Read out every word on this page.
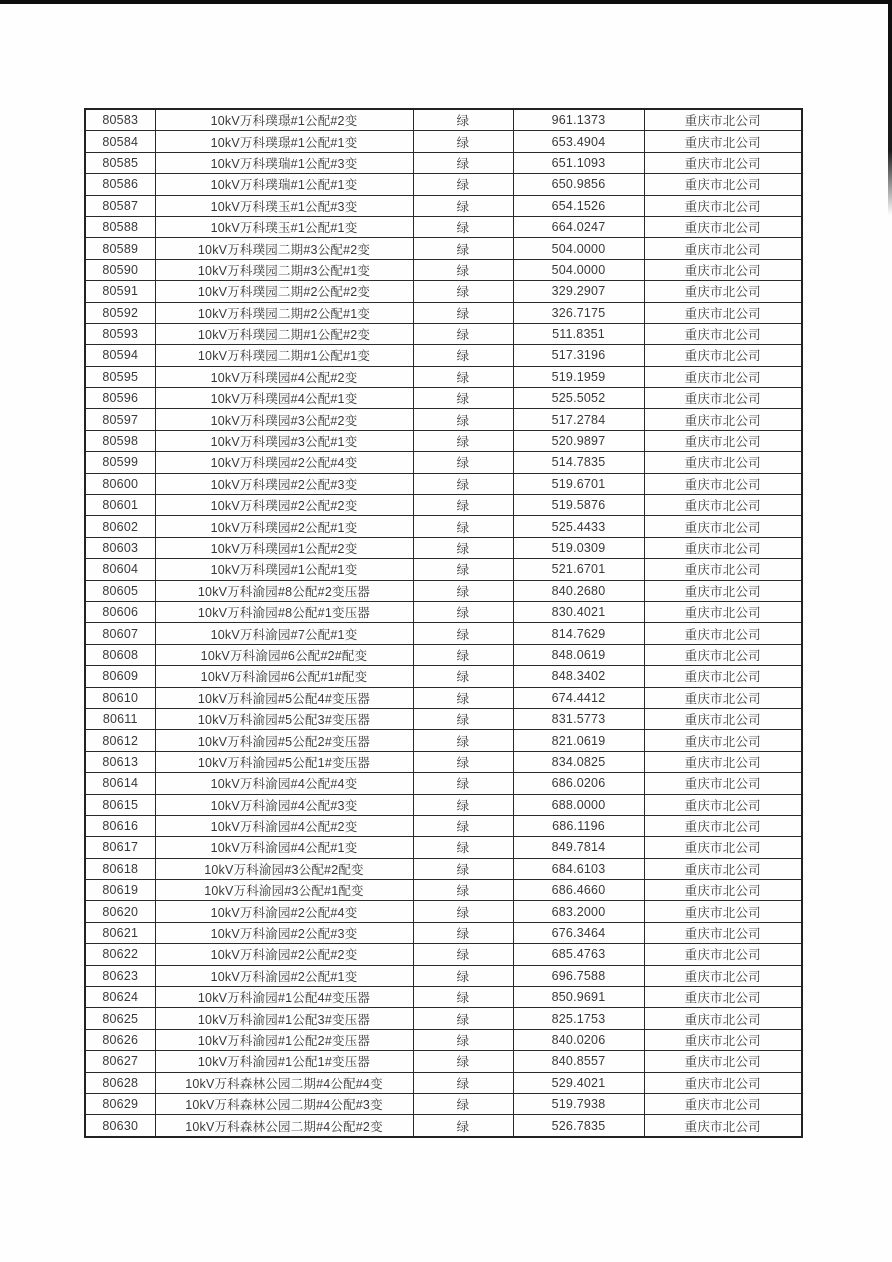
80583	10kV万科璞璟#1公配#2变	绿	961.1373	重庆市北公司
80584	10kV万科璞璟#1公配#1变	绿	653.4904	重庆市北公司
80585	10kV万科璞瑞#1公配#3变	绿	651.1093	重庆市北公司
80586	10kV万科璞瑞#1公配#1变	绿	650.9856	重庆市北公司
80587	10kV万科璞玉#1公配#3变	绿	654.1526	重庆市北公司
80588	10kV万科璞玉#1公配#1变	绿	664.0247	重庆市北公司
80589	10kV万科璞园二期#3公配#2变	绿	504.0000	重庆市北公司
80590	10kV万科璞园二期#3公配#1变	绿	504.0000	重庆市北公司
80591	10kV万科璞园二期#2公配#2变	绿	329.2907	重庆市北公司
80592	10kV万科璞园二期#2公配#1变	绿	326.7175	重庆市北公司
80593	10kV万科璞园二期#1公配#2变	绿	511.8351	重庆市北公司
80594	10kV万科璞园二期#1公配#1变	绿	517.3196	重庆市北公司
80595	10kV万科璞园#4公配#2变	绿	519.1959	重庆市北公司
80596	10kV万科璞园#4公配#1变	绿	525.5052	重庆市北公司
80597	10kV万科璞园#3公配#2变	绿	517.2784	重庆市北公司
80598	10kV万科璞园#3公配#1变	绿	520.9897	重庆市北公司
80599	10kV万科璞园#2公配#4变	绿	514.7835	重庆市北公司
80600	10kV万科璞园#2公配#3变	绿	519.6701	重庆市北公司
80601	10kV万科璞园#2公配#2变	绿	519.5876	重庆市北公司
80602	10kV万科璞园#2公配#1变	绿	525.4433	重庆市北公司
80603	10kV万科璞园#1公配#2变	绿	519.0309	重庆市北公司
80604	10kV万科璞园#1公配#1变	绿	521.6701	重庆市北公司
80605	10kV万科渝园#8公配#2变压器	绿	840.2680	重庆市北公司
80606	10kV万科渝园#8公配#1变压器	绿	830.4021	重庆市北公司
80607	10kV万科渝园#7公配#1变	绿	814.7629	重庆市北公司
80608	10kV万科渝园#6公配#2#配变	绿	848.0619	重庆市北公司
80609	10kV万科渝园#6公配#1#配变	绿	848.3402	重庆市北公司
80610	10kV万科渝园#5公配4#变压器	绿	674.4412	重庆市北公司
80611	10kV万科渝园#5公配3#变压器	绿	831.5773	重庆市北公司
80612	10kV万科渝园#5公配2#变压器	绿	821.0619	重庆市北公司
80613	10kV万科渝园#5公配1#变压器	绿	834.0825	重庆市北公司
80614	10kV万科渝园#4公配#4变	绿	686.0206	重庆市北公司
80615	10kV万科渝园#4公配#3变	绿	688.0000	重庆市北公司
80616	10kV万科渝园#4公配#2变	绿	686.1196	重庆市北公司
80617	10kV万科渝园#4公配#1变	绿	849.7814	重庆市北公司
80618	10kV万科渝园#3公配#2配变	绿	684.6103	重庆市北公司
80619	10kV万科渝园#3公配#1配变	绿	686.4660	重庆市北公司
80620	10kV万科渝园#2公配#4变	绿	683.2000	重庆市北公司
80621	10kV万科渝园#2公配#3变	绿	676.3464	重庆市北公司
80622	10kV万科渝园#2公配#2变	绿	685.4763	重庆市北公司
80623	10kV万科渝园#2公配#1变	绿	696.7588	重庆市北公司
80624	10kV万科渝园#1公配4#变压器	绿	850.9691	重庆市北公司
80625	10kV万科渝园#1公配3#变压器	绿	825.1753	重庆市北公司
80626	10kV万科渝园#1公配2#变压器	绿	840.0206	重庆市北公司
80627	10kV万科渝园#1公配1#变压器	绿	840.8557	重庆市北公司
80628	10kV万科森林公园二期#4公配#4变	绿	529.4021	重庆市北公司
80629	10kV万科森林公园二期#4公配#3变	绿	519.7938	重庆市北公司
80630	10kV万科森林公园二期#4公配#2变	绿	526.7835	重庆市北公司
